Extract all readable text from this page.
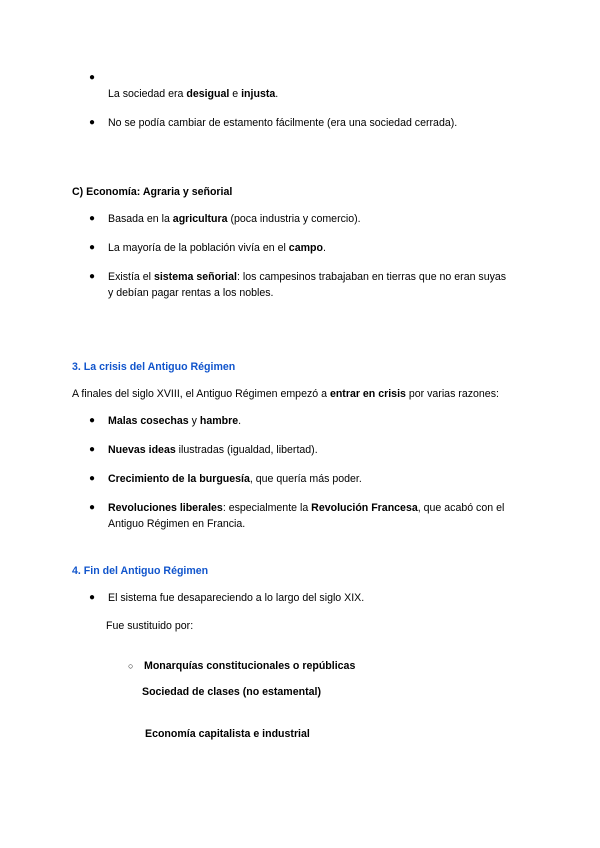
●
La sociedad era desigual e injusta.
● No se podía cambiar de estamento fácilmente (era una sociedad cerrada).
C) Economía: Agraria y señorial
● Basada en la agricultura (poca industria y comercio).
● La mayoría de la población vivía en el campo.
● Existía el sistema señorial: los campesinos trabajaban en tierras que no eran suyas
y debían pagar rentas a los nobles.
3. La crisis del Antiguo Régimen
A finales del siglo XVIII, el Antiguo Régimen empezó a entrar en crisis por varias razones:
● Malas cosechas y hambre.
● Nuevas ideas ilustradas (igualdad, libertad).
● Crecimiento de la burguesía, que quería más poder.
● Revoluciones liberales: especialmente la Revolución Francesa, que acabó con el
Antiguo Régimen en Francia.
4. Fin del Antiguo Régimen
● El sistema fue desapareciendo a lo largo del siglo XIX.
Fue sustituido por:
○ Monarquías constitucionales o repúblicas
Sociedad de clases (no estamental)
Economía capitalista e industrial
